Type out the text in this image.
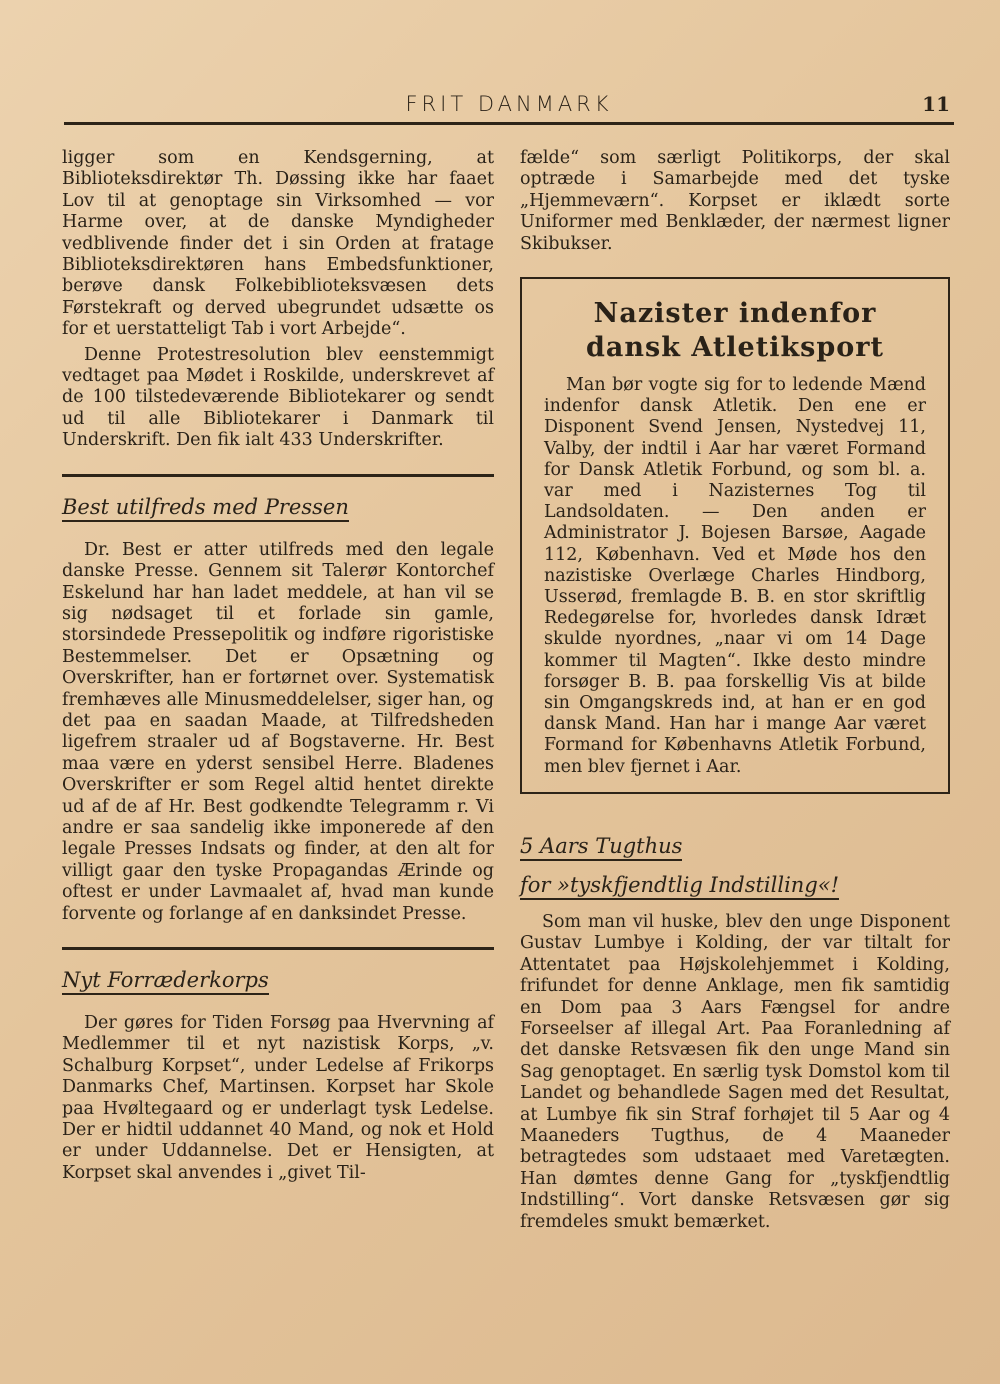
FRIT DANMARK	11

ligger som en Kendsgerning, at Biblioteksdirektør Th. Døssing ikke har faaet Lov til at genoptage sin Virksomhed — vor Harme over, at de danske Myndigheder vedblivende finder det i sin Orden at fratage Biblioteksdirektøren hans Embedsfunktioner, berøve dansk Folkebiblioteksvæsen dets Førstekraft og derved ubegrundet udsætte os for et uerstatteligt Tab i vort Arbejde“.

Denne Protestresolution blev eenstemmigt vedtaget paa Mødet i Roskilde, underskrevet af de 100 tilstedeværende Bibliotekarer og sendt ud til alle Bibliotekarer i Danmark til Underskrift. Den fik ialt 433 Underskrifter.

Best utilfreds med Pressen

Dr. Best er atter utilfreds med den legale danske Presse. Gennem sit Talerør Kontorchef Eskelund har han ladet meddele, at han vil se sig nødsaget til et forlade sin gamle, storsindede Pressepolitik og indføre rigoristiske Bestemmelser. Det er Opsætning og Overskrifter, han er fortørnet over. Systematisk fremhæves alle Minusmeddelelser, siger han, og det paa en saadan Maade, at Tilfredsheden ligefrem straaler ud af Bogstaverne. Hr. Best maa være en yderst sensibel Herre. Bladenes Overskrifter er som Regel altid hentet direkte ud af de af Hr. Best godkendte Telegramm r. Vi andre er saa sandelig ikke imponerede af den legale Presses Indsats og finder, at den alt for villigt gaar den tyske Propagandas Ærinde og oftest er under Lavmaalet af, hvad man kunde forvente og forlange af en danksindet Presse.

Nyt Forræderkorps

Der gøres for Tiden Forsøg paa Hvervning af Medlemmer til et nyt nazistisk Korps, „v. Schalburg Korpset“, under Ledelse af Frikorps Danmarks Chef, Martinsen. Korpset har Skole paa Hvøltegaard og er underlagt tysk Ledelse. Der er hidtil uddannet 40 Mand, og nok et Hold er under Uddannelse. Det er Hensigten, at Korpset skal anvendes i „givet Til-

fælde“ som særligt Politikorps, der skal optræde i Samarbejde med det tyske „Hjemmeværn“. Korpset er iklædt sorte Uniformer med Benklæder, der nærmest ligner Skibukser.

Nazister indenfor
dansk Atletiksport

Man bør vogte sig for to ledende Mænd indenfor dansk Atletik. Den ene er Disponent Svend Jensen, Nystedvej 11, Valby, der indtil i Aar har været Formand for Dansk Atletik Forbund, og som bl. a. var med i Nazisternes Tog til Landsoldaten. — Den anden er Administrator J. Bojesen Barsøe, Aagade 112, København. Ved et Møde hos den nazistiske Overlæge Charles Hindborg, Usserød, fremlagde B. B. en stor skriftlig Redegørelse for, hvorledes dansk Idræt skulde nyordnes, „naar vi om 14 Dage kommer til Magten“. Ikke desto mindre forsøger B. B. paa forskellig Vis at bilde sin Omgangskreds ind, at han er en god dansk Mand. Han har i mange Aar været Formand for Københavns Atletik Forbund, men blev fjernet i Aar.

5 Aars Tugthus
for »tyskfjendtlig Indstilling«!

Som man vil huske, blev den unge Disponent Gustav Lumbye i Kolding, der var tiltalt for Attentatet paa Højskolehjemmet i Kolding, frifundet for denne Anklage, men fik samtidig en Dom paa 3 Aars Fængsel for andre Forseelser af illegal Art. Paa Foranledning af det danske Retsvæsen fik den unge Mand sin Sag genoptaget. En særlig tysk Domstol kom til Landet og behandlede Sagen med det Resultat, at Lumbye fik sin Straf forhøjet til 5 Aar og 4 Maaneders Tugthus, de 4 Maaneder betragtedes som udstaaet med Varetægten. Han dømtes denne Gang for „tyskfjendtlig Indstilling“. Vort danske Retsvæsen gør sig fremdeles smukt bemærket.
